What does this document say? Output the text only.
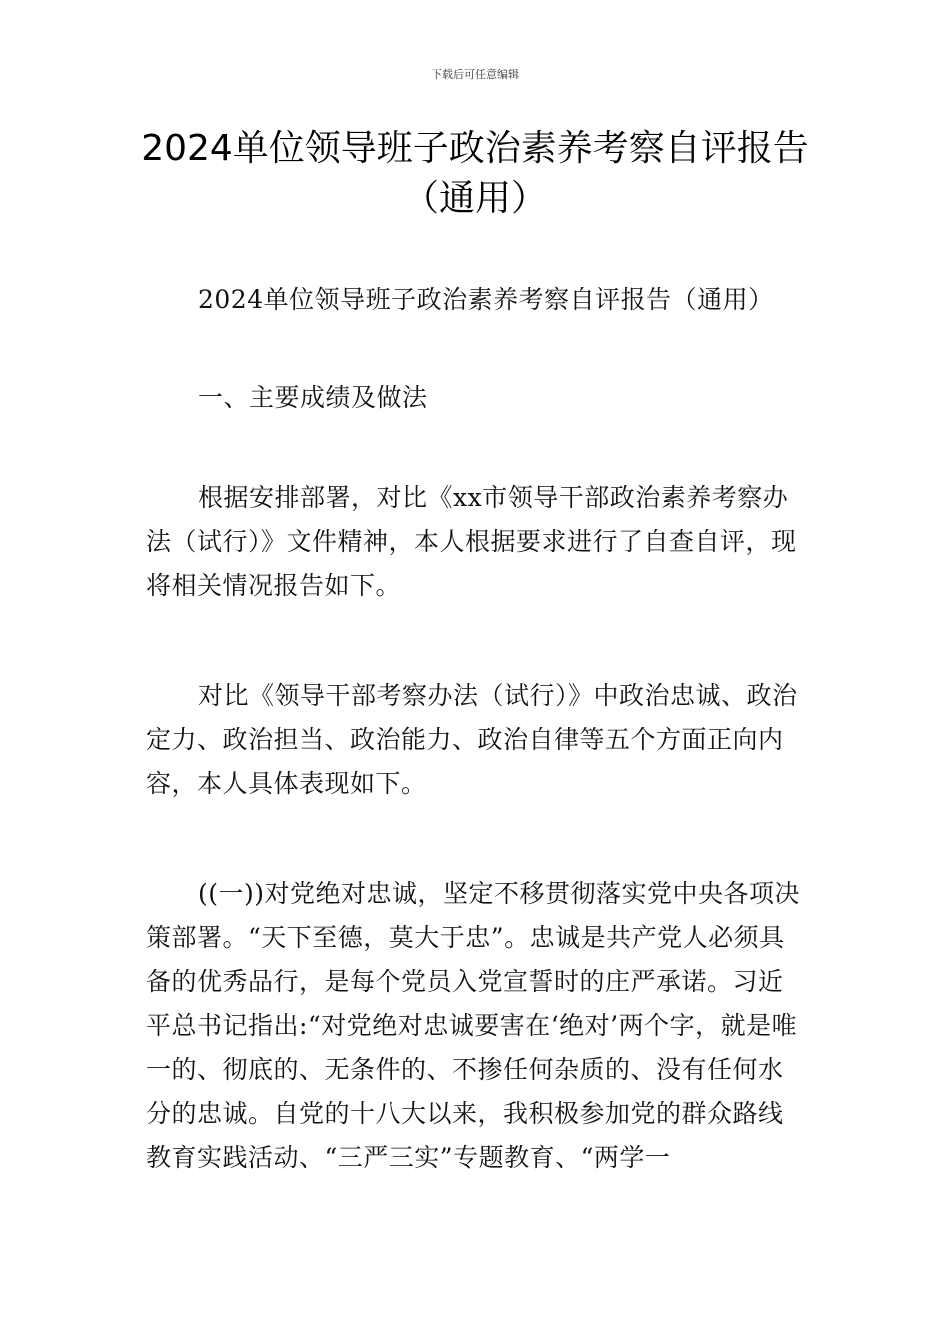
下载后可任意编辑
2024单位领导班子政治素养考察自评报告
（通用）

2024单位领导班子政治素养考察自评报告（通用）

一、主要成绩及做法

根据安排部署，对比《xx市领导干部政治素养考察办法（试行）》文件精神，本人根据要求进行了自查自评，现将相关情况报告如下。

对比《领导干部考察办法（试行）》中政治忠诚、政治定力、政治担当、政治能力、政治自律等五个方面正向内容，本人具体表现如下。

((一))对党绝对忠诚，坚定不移贯彻落实党中央各项决策部署。“天下至德，莫大于忠”。忠诚是共产党人必须具备的优秀品行，是每个党员入党宣誓时的庄严承诺。习近平总书记指出:“对党绝对忠诚要害在‘绝对’两个字，就是唯一的、彻底的、无条件的、不掺任何杂质的、没有任何水分的忠诚。自党的十八大以来，我积极参加党的群众路线教育实践活动、“三严三实”专题教育、“两学一
